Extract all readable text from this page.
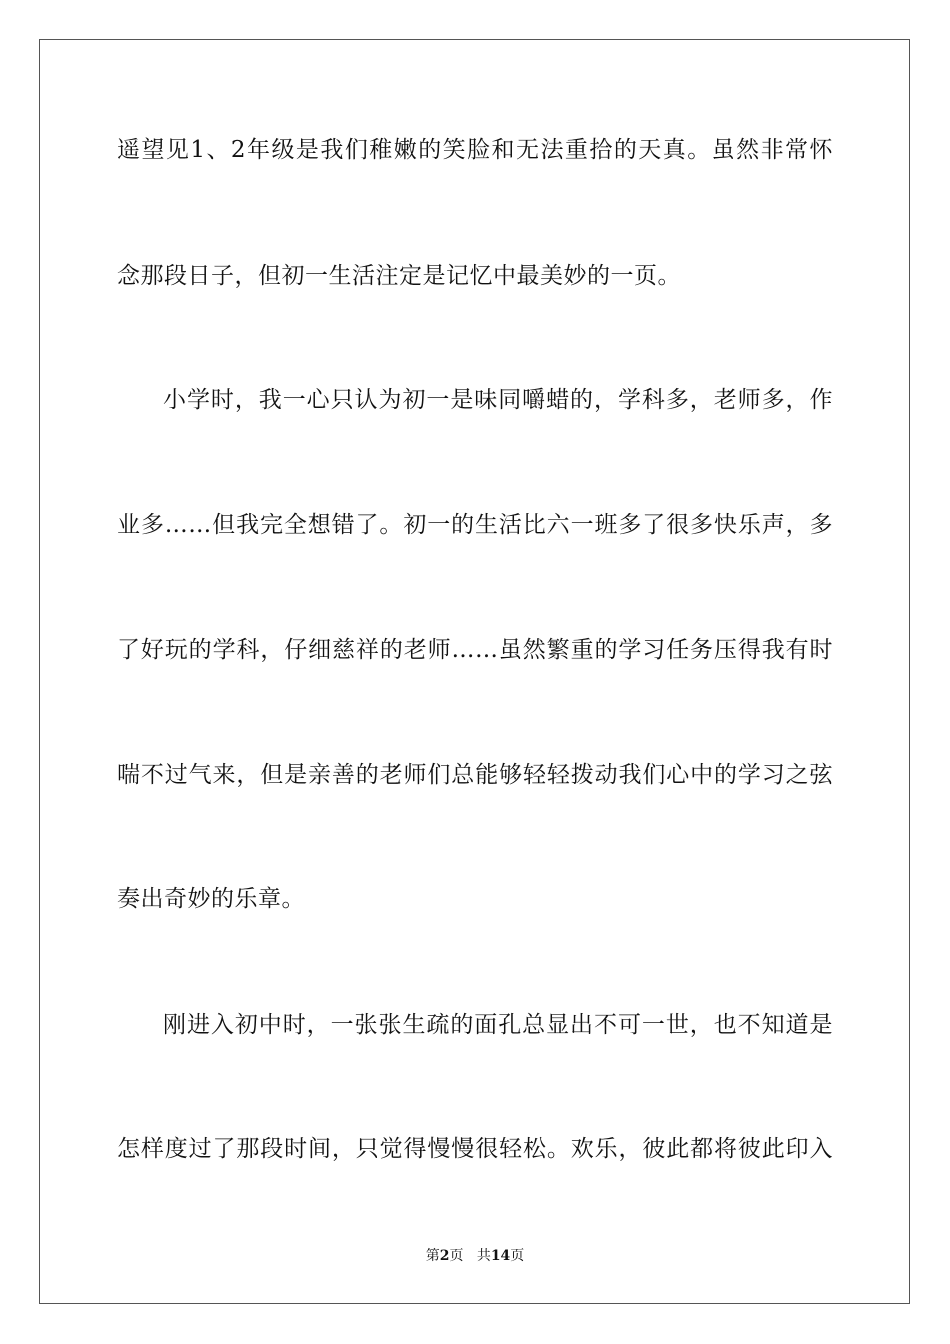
遥望见1、2年级是我们稚嫩的笑脸和无法重拾的天真。虽然非常怀
念那段日子，但初一生活注定是记忆中最美妙的一页。
小学时，我一心只认为初一是味同嚼蜡的，学科多，老师多，作
业多……但我完全想错了。初一的生活比六一班多了很多快乐声，多
了好玩的学科，仔细慈祥的老师……虽然繁重的学习任务压得我有时
喘不过气来，但是亲善的老师们总能够轻轻拨动我们心中的学习之弦
奏出奇妙的乐章。
刚进入初中时，一张张生疏的面孔总显出不可一世，也不知道是
怎样度过了那段时间，只觉得慢慢很轻松。欢乐，彼此都将彼此印入
第2页 共14页
